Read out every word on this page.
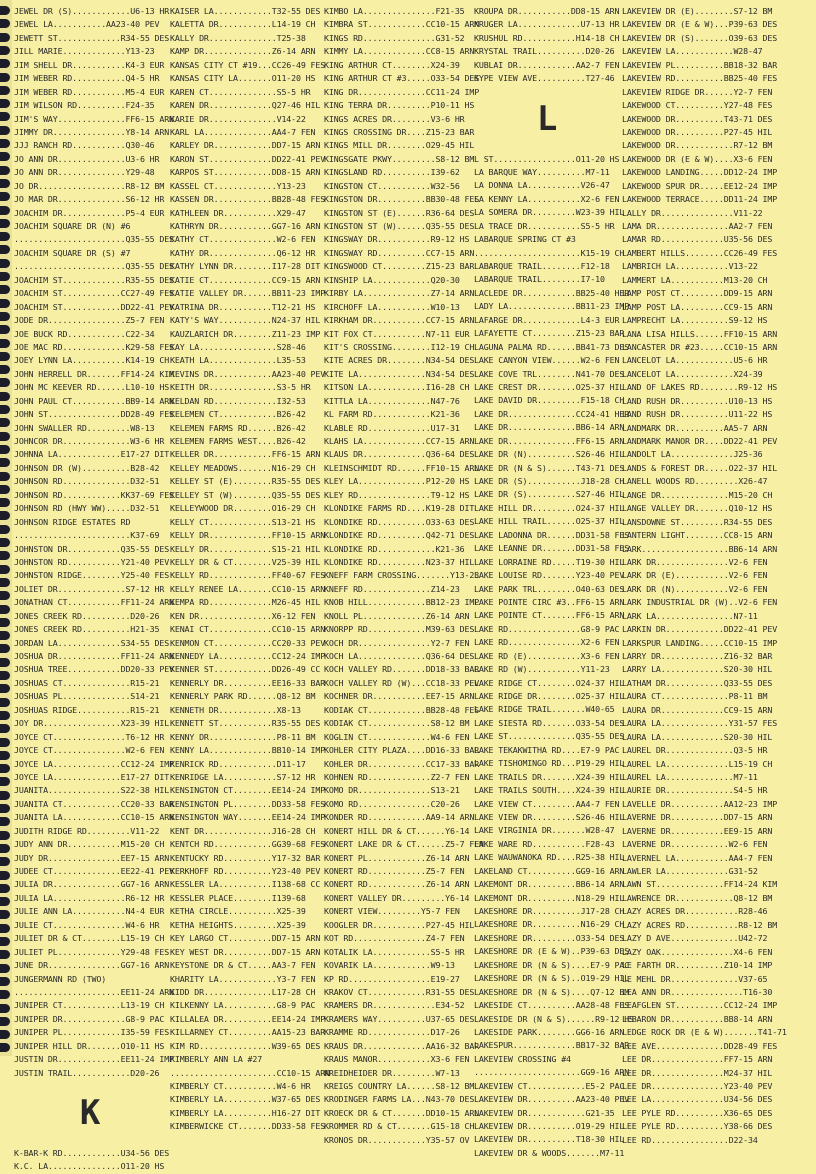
JEWEL DR (S)............U6-13 HR
JEWEL LA...........AA23-40 PEV
JEWETT ST.............R34-55 DES
JILL MARIE.............Y13-23
JIM SHELL DR...........K4-3 EUR
JIM WEBER RD...........Q4-5 HR
JIM WEBER RD...........M5-4 EUR
JIM WILSON RD..........F24-35
JIM'S WAY..............FF6-15 ARN
JIMMY DR...............Y8-14 ARN
JJJ RANCH RD...........Q30-46
JO ANN DR..............U3-6 HR
JO ANN DR..............Y29-48
JO DR..................R8-12 BM
JO MAR DR..............S6-12 HR
JOACHIM DR.............P5-4 EUR
JOACHIM SQUARE DR (N) #6
.......................Q35-55 DES
JOACHIM SQUARE DR (S) #7
.......................Q35-55 DES
JOACHIM ST.............R35-55 DES
JOACHIM ST............CC27-49 FES
JOACHIM ST............DD22-41 PEV
JODE DR................Z5-7 FEN
JOE BUCK RD............C22-34
JOE MAC RD.............K29-58 FES
JOEY LYNN LA...........K14-19 CH
JOHN HERRELL DR.......FF14-24 KIM
JOHN MC KEEVER RD......L10-10 HS
JOHN PAUL CT...........BB9-14 ARN
JOHN ST...............DD28-49 FES
JOHN SWALLER RD.........W8-13
JOHNCOR DR..............W3-6 HR
JOHNNA LA.............E17-27 DIT
JOHNSON DR (W)..........B28-42
JOHNSON RD..............D32-51
JOHNSON RD............KK37-69 FES
JOHNSON RD (HWY WW).....D32-51
JOHNSON RIDGE ESTATES RD
........................K37-69
JOHNSTON DR...........Q35-55 DES
JOHNSTON RD...........Y21-40 PEV
JOHNSTON RIDGE........Y25-40 FES
JOLIET DR..............S7-12 HR
JONATHAN CT...........FF11-24 ARN
JONES CREEK RD..........D20-26
JONES CREEK RD..........H21-35
JORDAN LA.............S34-55 DES
JOSHUA DR.............FF11-24 ARN
JOSHUA TREE...........DD20-33 PEV
JOSHUAS CT..............R15-21
JOSHUAS PL..............S14-21
JOSHUAS RIDGE...........R15-21
JOY DR................X23-39 HIL
JOYCE CT...............T6-12 HR
JOYCE CT...............W2-6 FEN
JOYCE LA..............CC12-24 IMP
JOYCE LA..............E17-27 DIT
JUANITA...............S22-38 HIL
JUANITA CT............CC20-33 BAR
JUANITA LA............CC10-15 ARN
JUDITH RIDGE RD.........V11-22
JUDY ANN DR...........M15-20 CH
JUDY DR...............EE7-15 ARN
JUDEE CT..............EE22-41 PEV
JULIA DR..............GG7-16 ARN
JULIA LA...............R6-12 HR
JULIE ANN LA...........N4-4 EUR
JULIE CT...............W4-6 HR
JULIET DR & CT........L15-19 CH
JULIET PL.............Y29-48 FES
JUNE DR...............GG7-16 ARN
JUNGERMANN RD (TWO)
......................EE11-24 ARN
JUNIPER CT............L13-19 CH
JUNIPER DR.............G8-9 PAC
JUNIPER PL............I35-59 FES
JUNIPER HILL DR.......O10-11 HS
JUSTIN DR.............EE11-24 IMP
JUSTIN TRAIL............D20-26
K
K-BAR-K RD............U34-56 DES
K.C. LA...............O11-20 HS
KAISER LA............T32-55 DES
KALETTA DR...........L14-19 CH
KALLY DR..............T25-38
KAMP DR..............Z6-14 ARN
KANSAS CITY CT #19...CC26-49 FES
KANSAS CITY LA.......O11-20 HS
KAREN CT..............S5-5 HR
KAREN DR.............Q27-46 HIL
KARIE DR..............V14-22
KARL LA..............AA4-7 FEN
KARLEY DR............DD7-15 ARN
KARON ST.............DD22-41 PEV
KARPOS ST............DD8-15 ARN
KASSEL CT.............Y13-23
KASSEN DR............BB28-48 FES
KATHLEEN DR...........X29-47
KATHRYN DR...........GG7-16 ARN
KATHY CT..............W2-6 FEN
KATHY DR..............Q6-12 HR
KATHY LYNN DR........I17-28 DIT
KATIE CT.............CC9-15 ARN
KATIE VALLEY DR......BB11-23 IMP
KATRINA DR...........T12-21 HS
KATY'S WAY...........N24-37 HIL
KAUZLARICH DR........Z11-23 IMP
KAY LA................S28-46
KEATH LA..............L35-53
KEVINS DR............AA23-40 PEV
KEITH DR..............S3-5 HR
KELDAN RD.............I32-53
KELEMEN CT............B26-42
KELEMEN FARMS RD......B26-42
KELEMEN FARMS WEST....B26-42
KELLER DR............FF6-15 ARN
KELLEY MEADOWS.......N16-29 CH
KELLEY ST (E)........R35-55 DES
KELLEY ST (W)........Q35-55 DES
KELLEYWOOD DR........O16-29 CH
KELLY CT.............S13-21 HS
KELLY DR.............FF10-15 ARN
KELLY DR.............S15-21 HIL
KELLY DR & CT........V25-39 HIL
KELLY RD.............FF40-67 FES
KELLY RENEE LA.......CC10-15 ARN
KEMPA RD.............M26-45 HIL
KEN DR...............X6-12 FEN
KENAI CT.............CC10-15 ARN
KENMON CT............CC20-33 PEV
KENNEDY LA...........CC12-24 IMP
KENNER ST............DD26-49 CC
KENNERLY DR..........EE16-33 BAR
KENNERLY PARK RD......Q8-12 BM
KENNETH DR............X8-13
KENNETT ST...........R35-55 DES
KENNY DR..............P8-11 BM
KENNY LA.............BB10-14 IMP
KENRICK RD............D11-17
KENRIDGE LA...........S7-12 HR
KENSINGTON CT........EE14-24 IMP
KENSINGTON PL........DD33-58 FES
KENSINGTON WAY.......EE14-24 IMP
KENT DR..............J16-28 CH
KENTCH RD............GG39-68 FES
KENTUCKY RD..........Y17-32 BAR
KERKHOFF RD..........Y23-40 PEV
KESSLER LA...........I138-68 CC
KESSLER PLACE........I139-68
KETHA CIRCLE..........X25-39
KETHA HEIGHTS.........X25-39
KEY LARGO CT.........DD7-15 ARN
KEY WEST DR..........DD7-15 ARN
KEYSTONE DR & CT.....AA3-7 FEN
KHARITY LA............Y3-7 FEN
KIDD DR..............L17-28 CH
KILKENNY LA...........G8-9 PAC
KILLALEA DR..........EE14-24 IMP
KILLARNEY CT.........AA15-23 BAR
KIM RD...............W39-65 DES
KIMBERLY ANN LA #27
......................CC10-15 ARN
KIMBERLY CT...........W4-6 HR
KIMBERLY LA..........W37-65 DES
KIMBERLY LA..........H16-27 DIT
KIMBERWICKE CT.......DD33-58 FES
KIMBO LA...............F21-35
KIMBRA ST............CC10-15 ARN
KINGS RD...............G31-52
KIMMY LA.............CC8-15 ARN
KING ARTHUR CT........X24-39
KING ARTHUR CT #3.....O33-54 DES
KING DR..............CC11-24 IMP
KING TERRA DR.........P10-11 HS
KINGS ACRES DR........V3-6 HR
KINGS CROSSING DR....Z15-23 BAR
KINGS MILL DR........O29-45 HIL
KINGSGATE PKWY.........S8-12 BM
KINGSLAND RD..........I39-62
KINGSTON CT...........W32-56
KINGSTON DR..........BB30-48 FES
KINGSTON ST (E)......R36-64 DES
KINGSTON ST (W)......Q35-55 DES
KINGSWAY DR...........R9-12 HS
KINGSWAY RD..........CC7-15 ARN
KINGSWOOD CT.........Z15-23 BAR
KINSHIP LA............Q20-30
KIRBY LA..............Z7-14 ARN
KIRCHOFF LA...........W10-13
KIRKHAM DR...........CC7-15 ARN
KIT FOX CT...........N7-11 EUR
KIT'S CROSSING........I12-19 CH
KITE ACRES DR........N34-54 DES
KITE LA..............N34-54 DES
KITSON LA............I16-28 CH
KITTLA LA.............N47-76
KL FARM RD............K21-36
KLABLE RD.............U17-31
KLAHS LA.............CC7-15 ARN
KLAUS DR.............Q36-64 DES
KLEINSCHMIDT RD......FF10-15 ARN
KLEY LA..............P12-20 HS
KLEY RD...............T9-12 HS
KLONDIKE FARMS RD....K19-28 DIT
KLONDIKE RD..........O33-63 DES
KLONDIKE RD..........Q42-71 DES
KLONDIKE RD............K21-36
KLONDIKE RD..........N23-37 HIL
KNEFF FARM CROSSING.......Y13-23
KNEFF RD..............Z14-23
KNOB HILL............BB12-23 IMP
KNOLL PL.............Z6-14 ARN
KNORPP RD............M39-63 DES
KOCH DR...............Y2-7 FEN
KOCH LA..............Q36-64 DES
KOCH VALLEY RD.......DD18-33 BAR
KOCH VALLEY RD (W)...CC18-33 PEV
KOCHNER DR...........EE7-15 ARN
KODIAK CT............BB28-48 FES
KODIAK CT.............S8-12 BM
KOGLIN CT.............W4-6 FEN
KOHLER CITY PLAZA....DD16-33 BAR
KOHLER DR............CC17-33 BAR
KOHNEN RD.............Z2-7 FEN
KOMO DR...............S13-21
KOMO RD...............C20-26
KONDER RD............AA9-14 ARN
KONERT HILL DR & CT......Y6-14
KONERT LAKE DR & CT......Z5-7 FEN
KONERT PL............Z6-14 ARN
KONERT RD............Z5-7 FEN
KONERT RD............Z6-14 ARN
KONERT VALLEY DR.........Y6-14
KONERT VIEW.........Y5-7 FEN
KOOGLER DR...........P27-45 HIL
KOT RD...............Z4-7 FEN
KOTALIK LA............S5-5 HR
KOVARIK LA............W9-13
KP RD.................E19-27
KRAKOV CT............R31-55 DES
KRAMERS DR.............E34-52
KRAMERS WAY..........U37-65 DES
KRAMME RD.............D17-26
KRAUS DR.............AA16-32 BAR
KRAUS MANOR...........X3-6 FEN
KREIDHEIDER DR.........W7-13
KREIGS COUNTRY LA......S8-12 BM
KRODINGER FARMS LA...N43-70 DES
KROECK DR & CT.......DD10-15 ARN
KROMMER RD & CT.......G15-18 CH
KRONOS DR............Y35-57 OV
KROUPA DR...........DD8-15 ARN
KRUGER LA.............U7-13 HR
KRUSHUL RD...........H14-18 CH
KRYSTAL TRAIL..........D20-26
KUBLAI DR............AA2-7 FEN
KYPE VIEW AVE..........T27-46
L
L ST.................O11-20 HS
LA BARQUE WAY..........M7-11
LA DONNA LA...........V26-47
LA KENNY LA...........X2-6 FEN
LA SOMERA DR.........W23-39 HIL
LA TRACE DR...........S5-5 HR
LABARQUE SPRING CT #3
......................K15-19 CH
LABARQUE TRAIL........F12-18
LABARQUE TRAIL........I7-10
LACLEDE DR...........BB25-40 HER
LADY LA..............BB11-23 IMP
LAFARGE DR............L4-3 EUR
LAFAYETTE CT.........Z15-23 BAR
LAGUNA PALMA RD......BB41-73 DES
LAKE CANYON VIEW......W2-6 FEN
LAKE COVE TRL........N41-70 DES
LAKE CREST DR........O25-37 HIL
LAKE DAVID DR.........F15-18 CH
LAKE DR..............CC24-41 HER
LAKE DR..............BB6-14 ARN
LAKE DR..............FF6-15 ARN
LAKE DR (N)..........S26-46 HIL
LAKE DR (N & S)......T43-71 DES
LAKE DR (S)...........J18-28 CH
LAKE DR (S)..........S27-46 HIL
LAKE HILL DR.........O24-37 HIL
LAKE HILL TRAIL......O25-37 HIL
LAKE LADONNA DR......DD31-58 FES
LAKE LEANNE DR.......DD31-58 FES
LAKE LORRAINE RD.....T19-30 HIL
LAKE LOUISE RD.......Y23-40 PEV
LAKE PARK TRL........O40-63 DES
LAKE POINTE CIRC #3..FF6-15 ARN
LAKE POINTE CT.......FF6-15 ARN
LAKE RD...............G8-9 PAC
LAKE RD...............X2-6 FEN
LAKE RD (E)...........X3-6 FEN
LAKE RD (W)...........Y11-23
LAKE RIDGE CT........O24-37 HIL
LAKE RIDGE DR........O25-37 HIL
LAKE RIDGE TRAIL.......W40-65
LAKE SIESTA RD.......O33-54 DES
LAKE ST..............Q35-55 DES
LAKE TEKAKWITHA RD....E7-9 PAC
LAKE TISHOMINGO RD...P19-29 HIL
LAKE TRAILS DR.......X24-39 HIL
LAKE TRAILS SOUTH....X24-39 HIL
LAKE VIEW CT.........AA4-7 FEN
LAKE VIEW DR.........S26-46 HIL
LAKE VIRGINIA DR.......W28-47
LAKE WARE RD...........F28-43
LAKE WAUWANOKA RD....R25-38 HIL
LAKELAND CT..........GG9-16 ARN
LAKEMONT DR..........BB6-14 ARN
LAKEMONT DR..........N18-29 HIL
LAKESHORE DR..........J17-28 CH
LAKESHORE DR..........N16-29 CH
LAKESHORE DR.........O33-54 DES
LAKESHORE DR (E & W)..P39-63 DES
LAKESHORE DR (N & S)....E7-9 PAC
LAKESHORE DR (N & S)..O19-29 HIL
LAKESHORE DR (N & S)....Q7-12 BM
LAKESIDE CT..........AA28-48 FES
LAKESIDE DR (N & S)......R9-12 HS
LAKESIDE PARK........GG6-16 ARN
LAKESPUR.............BB17-32 BAR
LAKEVIEW CROSSING #4
......................GG9-16 ARN
LAKEVIEW CT............E5-2 PAC
LAKEVIEW DR..........AA23-40 PEV
LAKEVIEW DR............G21-35
LAKEVIEW DR..........O19-29 HIL
LAKEVIEW DR..........T18-30 HIL
LAKEVIEW DR & WOODS.......M7-11
LAKEVIEW DR (E)........S7-12 BM
LAKEVIEW DR (E & W)...P39-63 DES
LAKEVIEW DR (S).......O39-63 DES
LAKEVIEW LA............W28-47
LAKEVIEW PL..........BB18-32 BAR
LAKEVIEW RD..........BB25-40 FES
LAKEVIEW RIDGE DR......Y2-7 FEN
LAKEWOOD CT..........Y27-48 FES
LAKEWOOD DR..........T43-71 DES
LAKEWOOD DR..........P27-45 HIL
LAKEWOOD DR............R7-12 BM
LAKEWOOD DR (E & W)....X3-6 FEN
LAKEWOOD LANDING.....DD12-24 IMP
LAKEWOOD SPUR DR.....EE12-24 IMP
LAKEWOOD TERRACE.....DD11-24 IMP
LALLY DR...............V11-22
LAMA DR...............AA2-7 FEN
LAMAR RD.............U35-56 DES
LAMBERT HILLS........CC26-49 FES
LAMBRICH LA...........V13-22
LAMMERT LA...........M13-20 CH
LAMP POST CT.........DD9-15 ARN
LAMP POST LA.........CC9-15 ARN
LAMPRECHT LA..........S9-12 HS
LANA LISA HILLS......FF10-15 ARN
LANCASTER DR #23.....CC10-15 ARN
LANCELOT LA............U5-6 HR
LANCELOT LA............X24-39
LAND OF LAKES RD........R9-12 HS
LAND RUSH DR..........U10-13 HS
LAND RUSH DR..........U11-22 HS
LANDMARK DR..........AA5-7 ARN
LANDMARK MANOR DR....DD22-41 PEV
LANDOLT LA.............J25-36
LANDS & FOREST DR.....O22-37 HIL
LANELL WOODS RD.........X26-47
LANGE DR..............M15-20 CH
LANGE VALLEY DR.......Q10-12 HS
LANSDOWNE ST.........R34-55 DES
LANTERN LIGHT........CC8-15 ARN
LARK..................BB6-14 ARN
LARK DR...............V2-6 FEN
LARK DR (E)...........V2-6 FEN
LARK DR (N)...........V2-6 FEN
LARK INDUSTRIAL DR (W)..V2-6 FEN
LARK LA................N7-11
LARKIN DR............DD22-41 PEV
LARKSPUR LANDING.....CC10-15 IMP
LARRY DR.............Z16-32 BAR
LARRY LA.............S20-30 HIL
LATHAM DR............Q33-55 DES
LAURA CT..............P8-11 BM
LAURA DR.............CC9-15 ARN
LAURA LA..............Y31-57 FES
LAURA LA.............S20-30 HIL
LAUREL DR..............Q3-5 HR
LAUREL LA.............L15-19 CH
LAUREL LA..............M7-11
LAURIE DR..............S4-5 HR
LAVELLE DR...........AA12-23 IMP
LAVERNE DR...........DD7-15 ARN
LAVERNE DR...........EE9-15 ARN
LAVERNE DR............W2-6 FEN
LAVERNEL LA...........AA4-7 FEN
LAWLER LA.............G31-52
LAWN ST..............FF14-24 KIM
LAWRENCE DR............Q8-12 BM
LAZY ACRES DR...........R28-46
LAZY ACRES RD...........R8-12 BM
LAZY D AVE..............U42-72
LAZY OAK...............X4-6 FEN
LE FARTH DR..........Z10-14 IMP
LE MEHL DR..............V37-65
LEA ANN DR...............T16-30
LEAFGLEN ST..........CC12-24 IMP
LEBARON DR...........BB8-14 ARN
LEDGE ROCK DR (E & W).......T41-71
LEE AVE..............DD28-49 FES
LEE DR...............FF7-15 ARN
LEE DR...............M24-37 HIL
LEE DR...............Y23-40 PEV
LEE LA...............U34-56 DES
LEE PYLE RD..........X36-65 DES
LEE PYLE RD..........Y38-66 DES
LEE RD................D22-34
